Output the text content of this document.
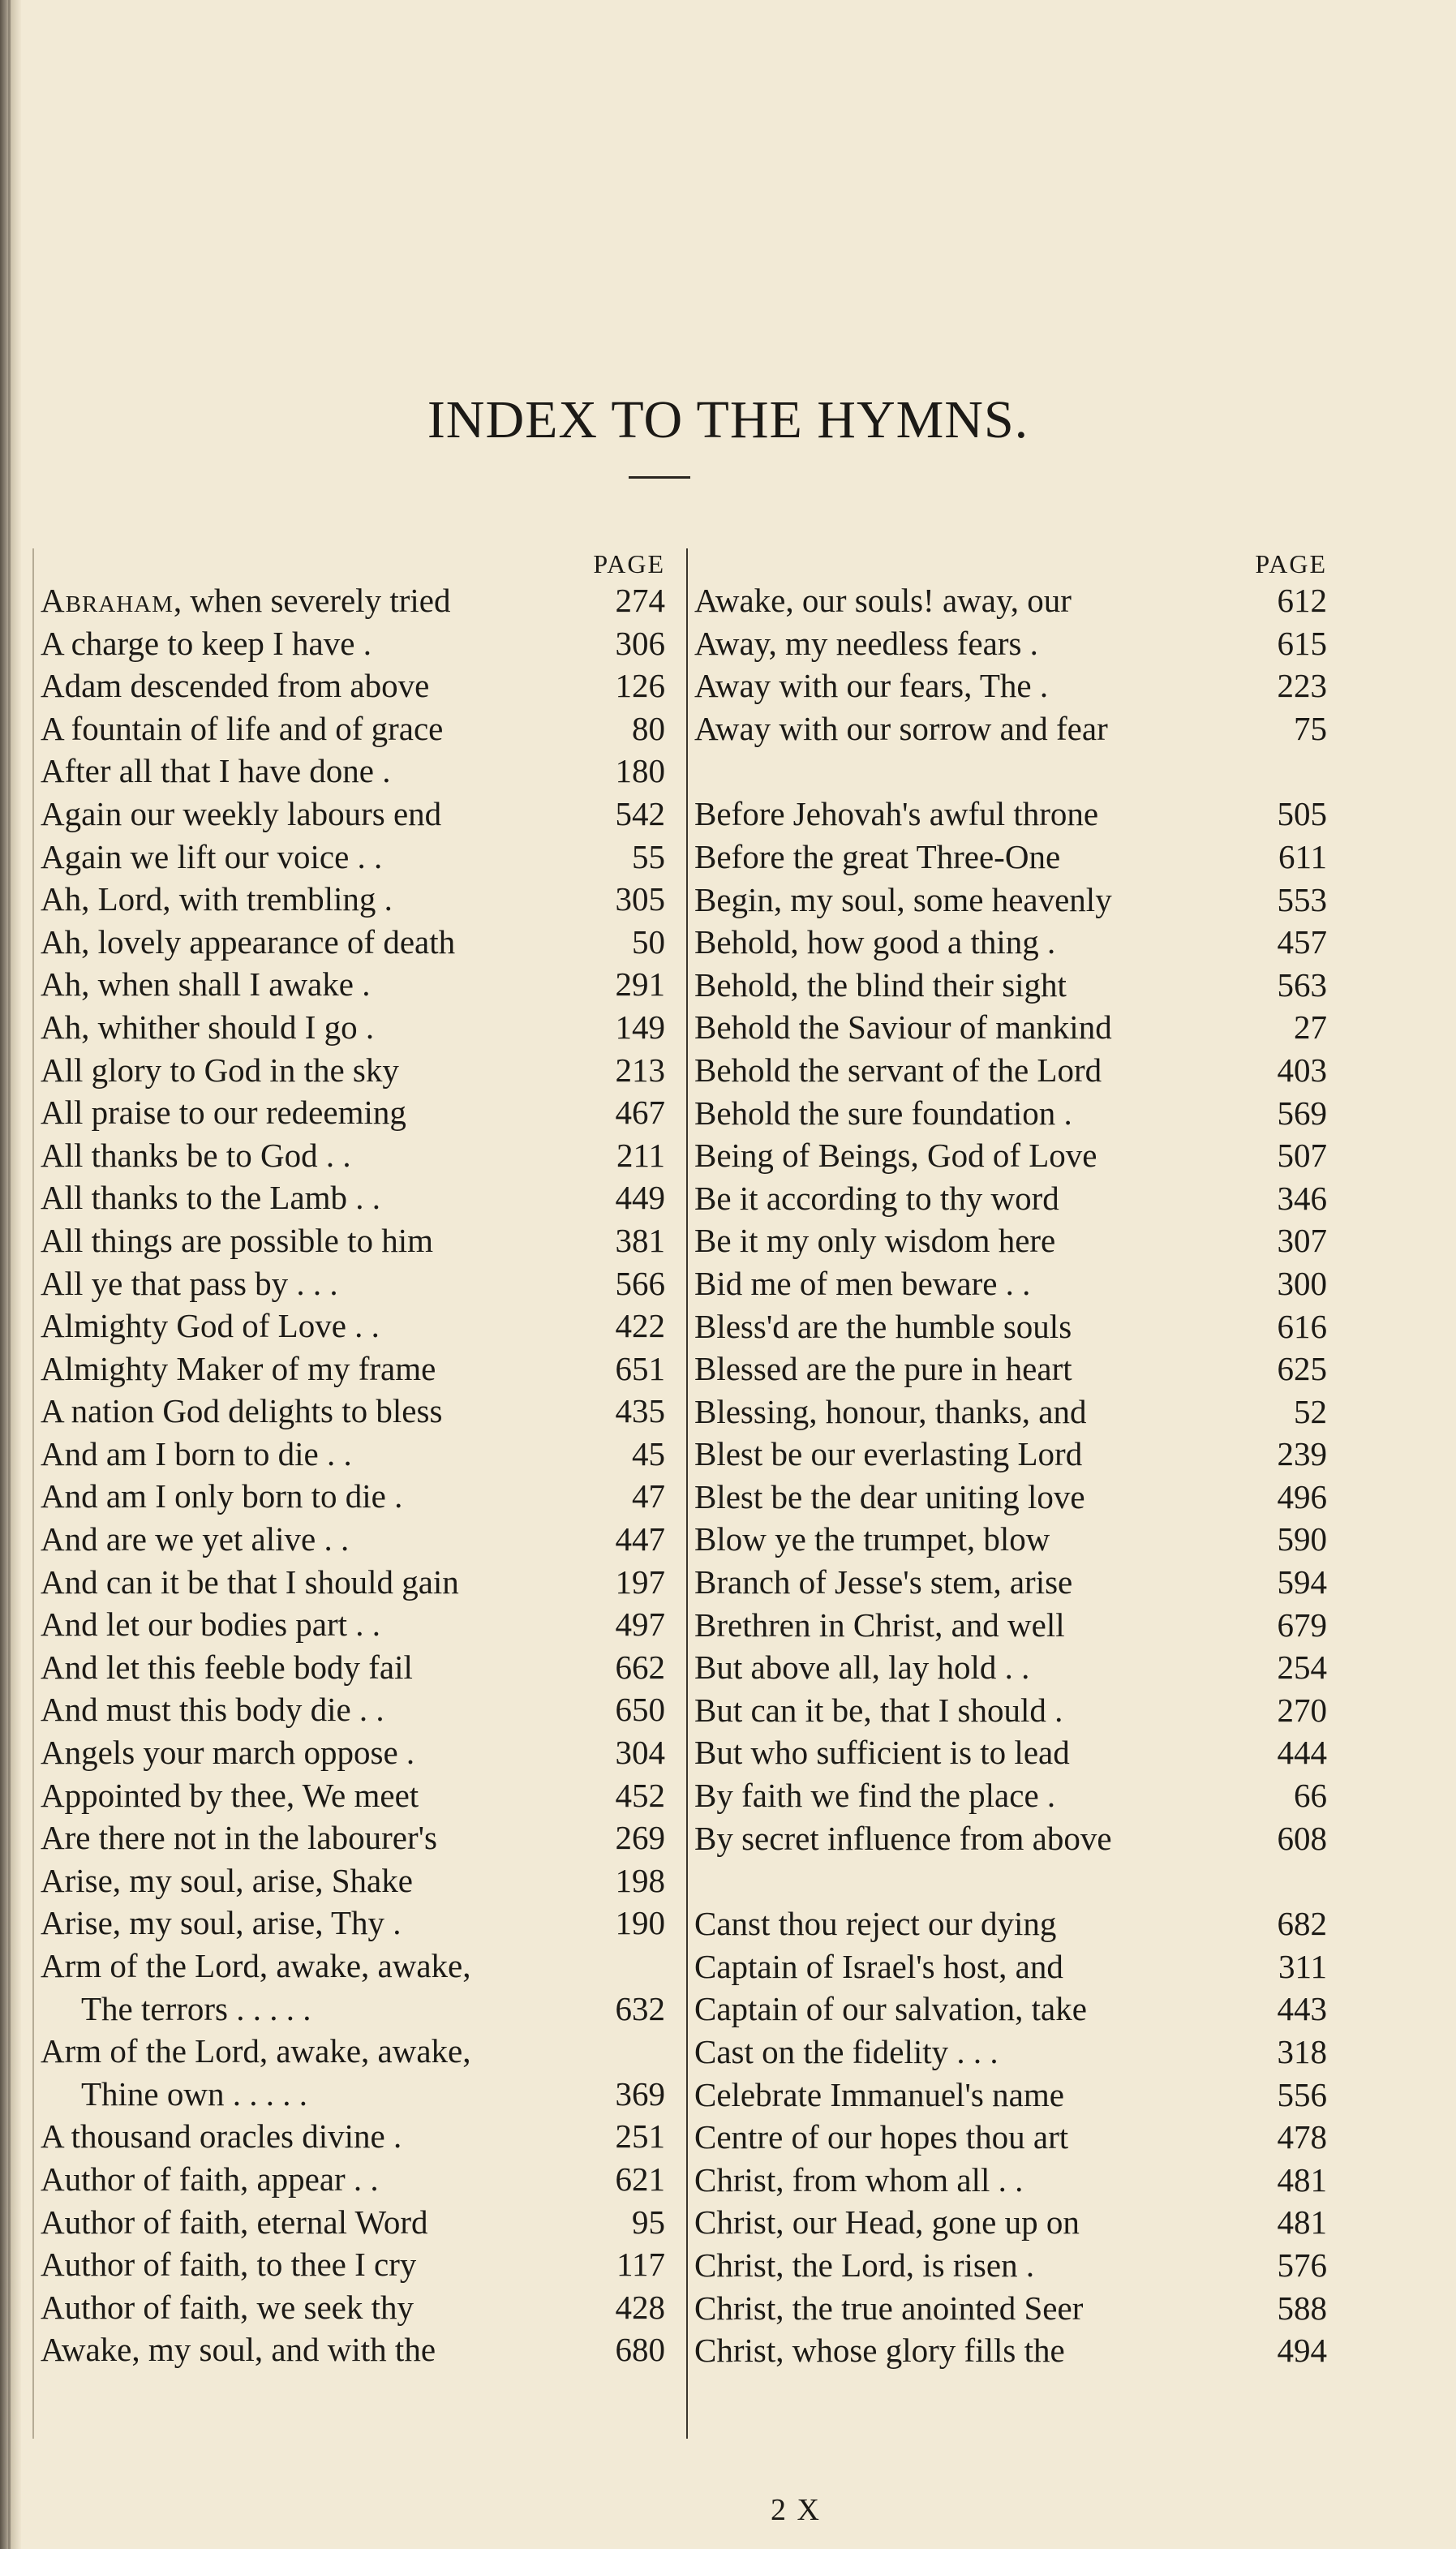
INDEX TO THE HYMNS.
PAGE
Abraham, when severely tried	274
A charge to keep I have .	306
Adam descended from above	126
A fountain of life and of grace	80
After all that I have done .	180
Again our weekly labours end	542
Again we lift our voice . .	55
Ah, Lord, with trembling .	305
Ah, lovely appearance of death	50
Ah, when shall I awake .	291
Ah, whither should I go .	149
All glory to God in the sky	213
All praise to our redeeming	467
All thanks be to God . .	211
All thanks to the Lamb . .	449
All things are possible to him	381
All ye that pass by . . .	566
Almighty God of Love . .	422
Almighty Maker of my frame	651
A nation God delights to bless	435
And am I born to die . .	45
And am I only born to die .	47
And are we yet alive . .	447
And can it be that I should gain	197
And let our bodies part . .	497
And let this feeble body fail	662
And must this body die . .	650
Angels your march oppose .	304
Appointed by thee, We meet	452
Are there not in the labourer's	269
Arise, my soul, arise, Shake	198
Arise, my soul, arise, Thy .	190
Arm of the Lord, awake, awake,
The terrors . . . . .	632
Arm of the Lord, awake, awake,
Thine own . . . . .	369
A thousand oracles divine .	251
Author of faith, appear . .	621
Author of faith, eternal Word	95
Author of faith, to thee I cry	117
Author of faith, we seek thy	428
Awake, my soul, and with the	680
PAGE
Awake, our souls! away, our	612
Away, my needless fears .	615
Away with our fears, The .	223
Away with our sorrow and fear	75
Before Jehovah's awful throne	505
Before the great Three-One	611
Begin, my soul, some heavenly	553
Behold, how good a thing .	457
Behold, the blind their sight	563
Behold the Saviour of mankind	27
Behold the servant of the Lord	403
Behold the sure foundation .	569
Being of Beings, God of Love	507
Be it according to thy word	346
Be it my only wisdom here	307
Bid me of men beware . .	300
Bless'd are the humble souls	616
Blessed are the pure in heart	625
Blessing, honour, thanks, and	52
Blest be our everlasting Lord	239
Blest be the dear uniting love	496
Blow ye the trumpet, blow	590
Branch of Jesse's stem, arise	594
Brethren in Christ, and well	679
But above all, lay hold . .	254
But can it be, that I should .	270
But who sufficient is to lead	444
By faith we find the place .	66
By secret influence from above	608
Canst thou reject our dying	682
Captain of Israel's host, and	311
Captain of our salvation, take	443
Cast on the fidelity . . .	318
Celebrate Immanuel's name	556
Centre of our hopes thou art	478
Christ, from whom all . .	481
Christ, our Head, gone up on	481
Christ, the Lord, is risen .	576
Christ, the true anointed Seer	588
Christ, whose glory fills the	494
2 X
